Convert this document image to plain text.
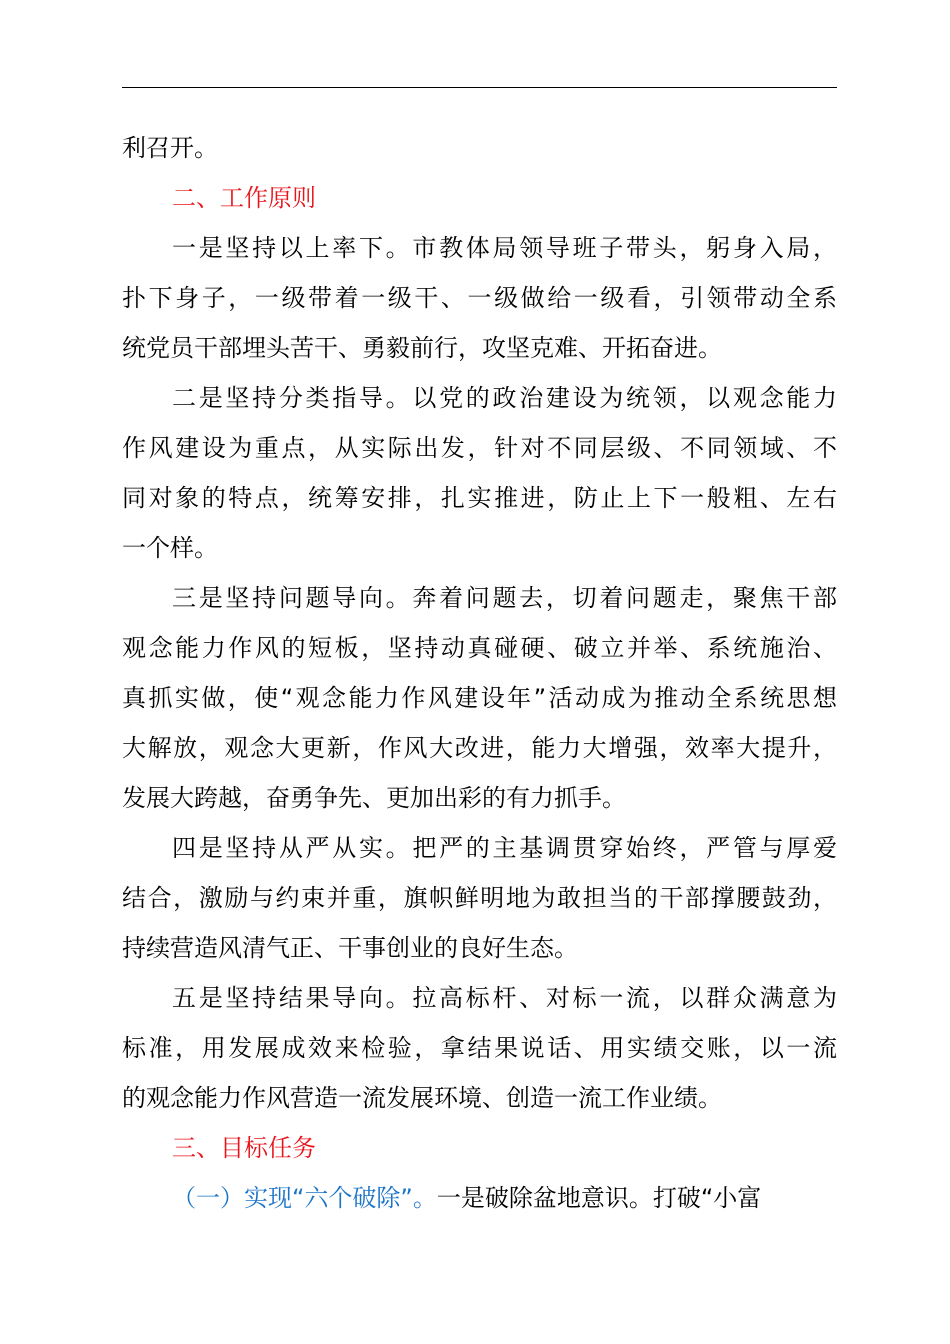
利召开。

二、工作原则

一是坚持以上率下。市教体局领导班子带头，躬身入局，

扑下身子，一级带着一级干、一级做给一级看，引领带动全系

统党员干部埋头苦干、勇毅前行，攻坚克难、开拓奋进。

二是坚持分类指导。以党的政治建设为统领，以观念能力

作风建设为重点，从实际出发，针对不同层级、不同领域、不

同对象的特点，统筹安排，扎实推进，防止上下一般粗、左右

一个样。

三是坚持问题导向。奔着问题去，切着问题走，聚焦干部

观念能力作风的短板，坚持动真碰硬、破立并举、系统施治、

真抓实做，使“观念能力作风建设年”活动成为推动全系统思想

大解放，观念大更新，作风大改进，能力大增强，效率大提升，

发展大跨越，奋勇争先、更加出彩的有力抓手。

四是坚持从严从实。把严的主基调贯穿始终，严管与厚爱

结合，激励与约束并重，旗帜鲜明地为敢担当的干部撑腰鼓劲，

持续营造风清气正、干事创业的良好生态。

五是坚持结果导向。拉高标杆、对标一流，以群众满意为

标准，用发展成效来检验，拿结果说话、用实绩交账，以一流

的观念能力作风营造一流发展环境、创造一流工作业绩。

三、目标任务

（一）实现“六个破除”。一是破除盆地意识。打破“小富
